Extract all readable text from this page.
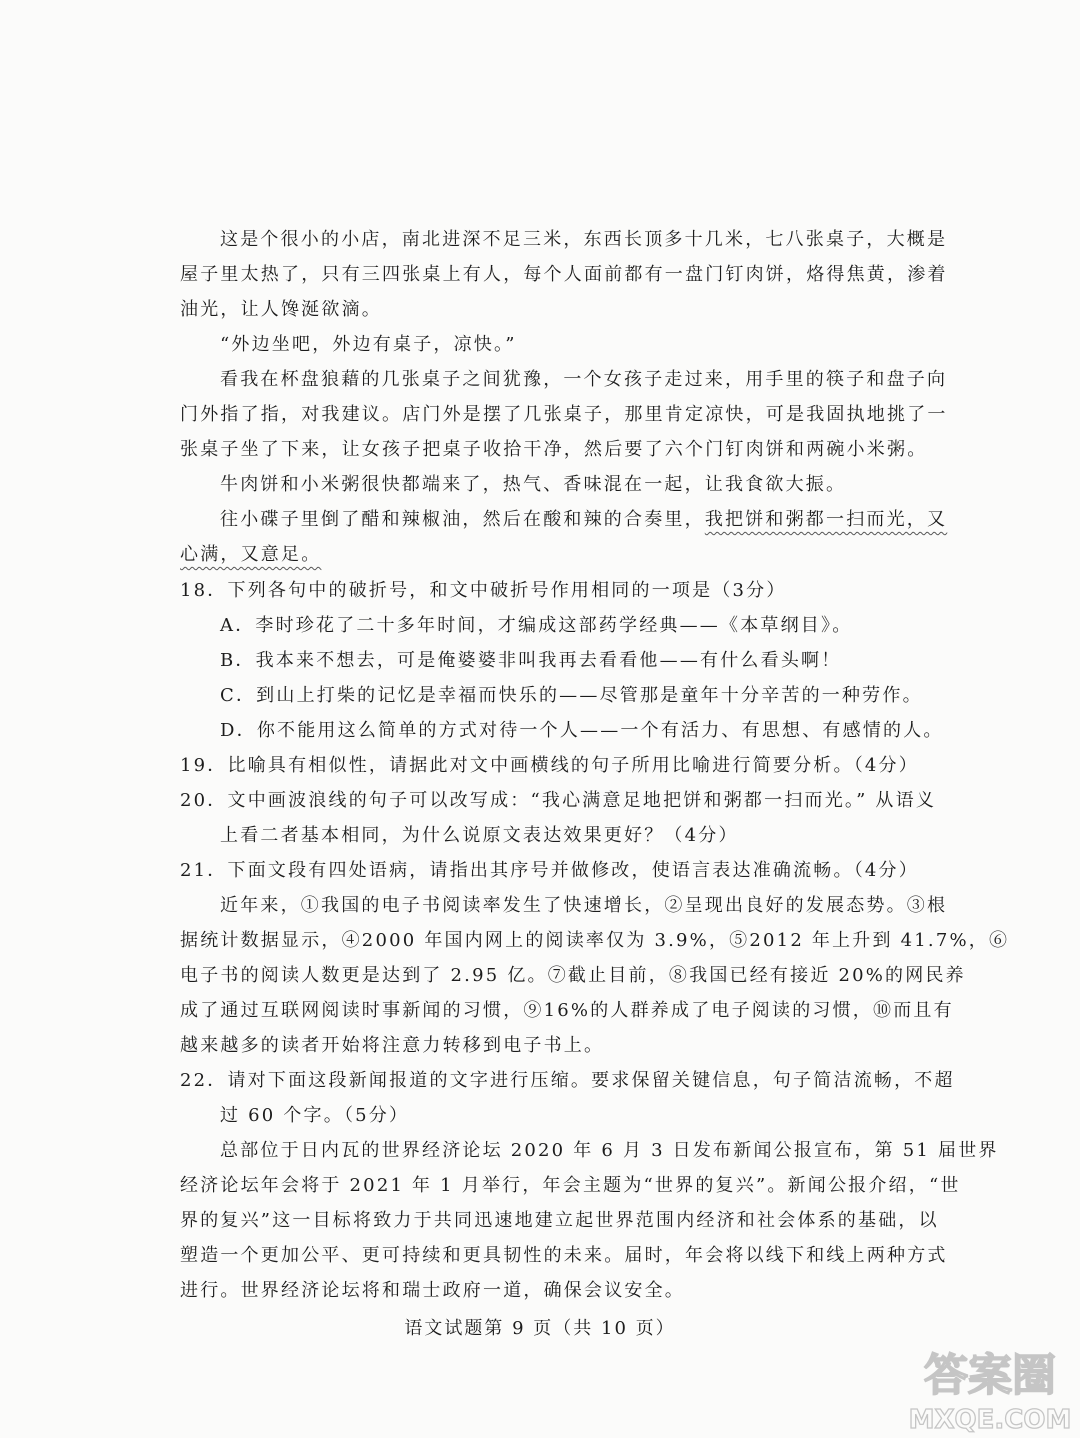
这是个很小的小店，南北进深不足三米，东西长顶多十几米，七八张桌子，大概是
屋子里太热了，只有三四张桌上有人，每个人面前都有一盘门钉肉饼，烙得焦黄，渗着
油光，让人馋涎欲滴。
“外边坐吧，外边有桌子，凉快。”
看我在杯盘狼藉的几张桌子之间犹豫，一个女孩子走过来，用手里的筷子和盘子向
门外指了指，对我建议。店门外是摆了几张桌子，那里肯定凉快，可是我固执地挑了一
张桌子坐了下来，让女孩子把桌子收拾干净，然后要了六个门钉肉饼和两碗小米粥。
牛肉饼和小米粥很快都端来了，热气、香味混在一起，让我食欲大振。
往小碟子里倒了醋和辣椒油，然后在酸和辣的合奏里，我把饼和粥都一扫而光，又
心满，又意足。
18．下列各句中的破折号，和文中破折号作用相同的一项是（3分）
A．李时珍花了二十多年时间，才编成这部药学经典——《本草纲目》。
B．我本来不想去，可是俺婆婆非叫我再去看看他——有什么看头啊！
C．到山上打柴的记忆是幸福而快乐的——尽管那是童年十分辛苦的一种劳作。
D．你不能用这么简单的方式对待一个人——一个有活力、有思想、有感情的人。
19．比喻具有相似性，请据此对文中画横线的句子所用比喻进行简要分析。（4分）
20．文中画波浪线的句子可以改写成：“我心满意足地把饼和粥都一扫而光。” 从语义
上看二者基本相同，为什么说原文表达效果更好？（4分）
21．下面文段有四处语病，请指出其序号并做修改，使语言表达准确流畅。（4分）
近年来，①我国的电子书阅读率发生了快速增长，②呈现出良好的发展态势。③根
据统计数据显示，④2000 年国内网上的阅读率仅为 3.9%，⑤2012 年上升到 41.7%，⑥
电子书的阅读人数更是达到了 2.95 亿。⑦截止目前，⑧我国已经有接近 20%的网民养
成了通过互联网阅读时事新闻的习惯，⑨16%的人群养成了电子阅读的习惯，⑩而且有
越来越多的读者开始将注意力转移到电子书上。
22．请对下面这段新闻报道的文字进行压缩。要求保留关键信息，句子简洁流畅，不超
过 60 个字。（5分）
总部位于日内瓦的世界经济论坛 2020 年 6 月 3 日发布新闻公报宣布，第 51 届世界
经济论坛年会将于 2021 年 1 月举行，年会主题为“世界的复兴”。新闻公报介绍，“世
界的复兴”这一目标将致力于共同迅速地建立起世界范围内经济和社会体系的基础，以
塑造一个更加公平、更可持续和更具韧性的未来。届时，年会将以线下和线上两种方式
进行。世界经济论坛将和瑞士政府一道，确保会议安全。
语文试题第 9 页（共 10 页）
答案圈
MXQE.COM
